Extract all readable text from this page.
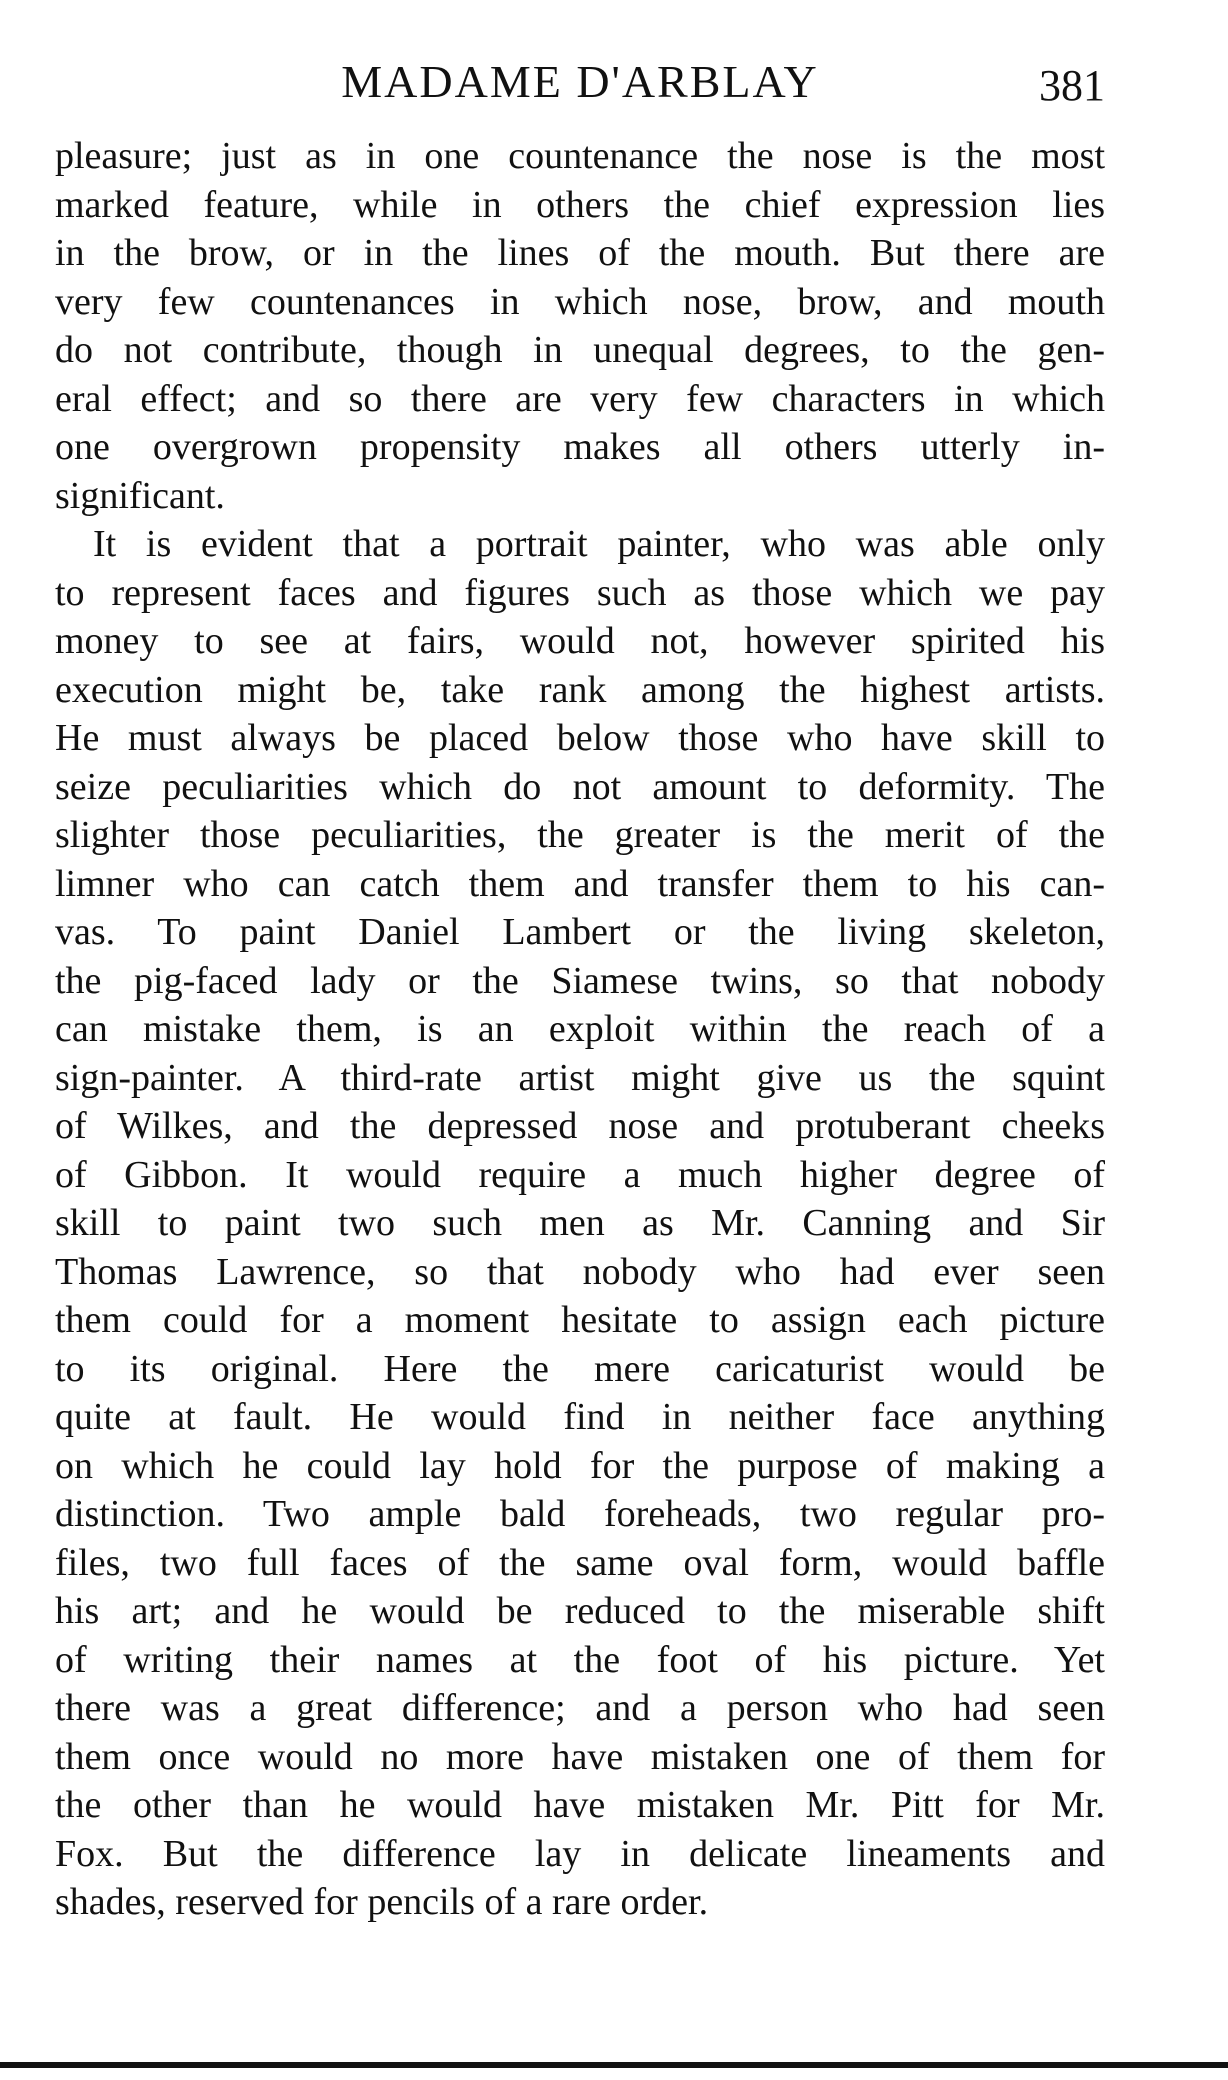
MADAME D'ARBLAY	381
pleasure; just as in one countenance the nose is the most
marked feature, while in others the chief expression lies
in the brow, or in the lines of the mouth. But there are
very few countenances in which nose, brow, and mouth
do not contribute, though in unequal degrees, to the gen-
eral effect; and so there are very few characters in which
one overgrown propensity makes all others utterly in-
significant.
It is evident that a portrait painter, who was able only
to represent faces and figures such as those which we pay
money to see at fairs, would not, however spirited his
execution might be, take rank among the highest artists.
He must always be placed below those who have skill to
seize peculiarities which do not amount to deformity. The
slighter those peculiarities, the greater is the merit of the
limner who can catch them and transfer them to his can-
vas. To paint Daniel Lambert or the living skeleton,
the pig-faced lady or the Siamese twins, so that nobody
can mistake them, is an exploit within the reach of a
sign-painter. A third-rate artist might give us the squint
of Wilkes, and the depressed nose and protuberant cheeks
of Gibbon. It would require a much higher degree of
skill to paint two such men as Mr. Canning and Sir
Thomas Lawrence, so that nobody who had ever seen
them could for a moment hesitate to assign each picture
to its original. Here the mere caricaturist would be
quite at fault. He would find in neither face anything
on which he could lay hold for the purpose of making a
distinction. Two ample bald foreheads, two regular pro-
files, two full faces of the same oval form, would baffle
his art; and he would be reduced to the miserable shift
of writing their names at the foot of his picture. Yet
there was a great difference; and a person who had seen
them once would no more have mistaken one of them for
the other than he would have mistaken Mr. Pitt for Mr.
Fox. But the difference lay in delicate lineaments and
shades, reserved for pencils of a rare order.
